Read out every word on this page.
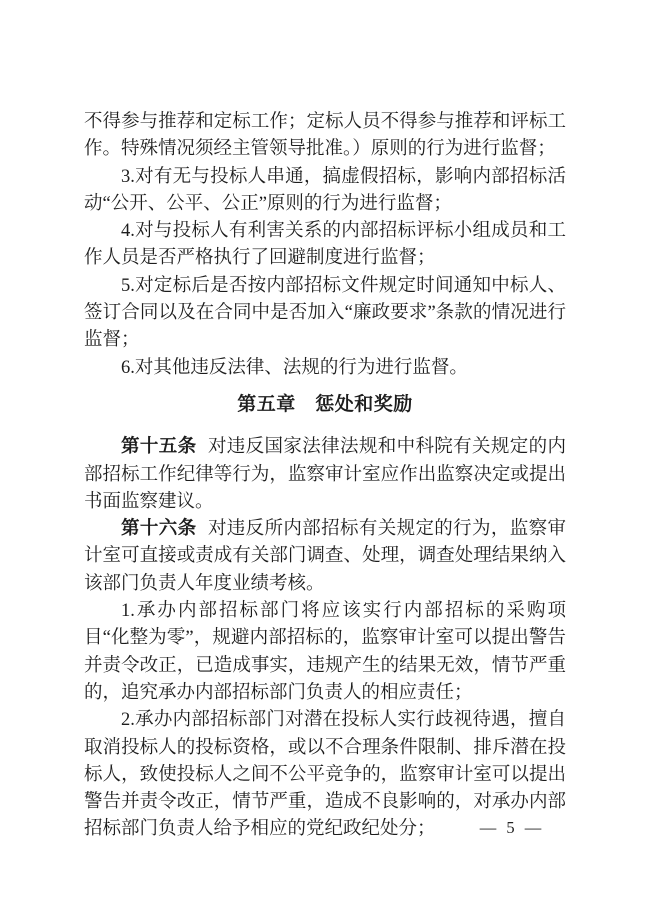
不得参与推荐和定标工作；定标人员不得参与推荐和评标工作。特殊情况须经主管领导批准。）原则的行为进行监督；

3.对有无与投标人串通，搞虚假招标，影响内部招标活动“公开、公平、公正”原则的行为进行监督；

4.对与投标人有利害关系的内部招标评标小组成员和工作人员是否严格执行了回避制度进行监督；

5.对定标后是否按内部招标文件规定时间通知中标人、签订合同以及在合同中是否加入“廉政要求”条款的情况进行监督；

6.对其他违反法律、法规的行为进行监督。

第五章　惩处和奖励

第十五条 对违反国家法律法规和中科院有关规定的内部招标工作纪律等行为，监察审计室应作出监察决定或提出书面监察建议。

第十六条 对违反所内部招标有关规定的行为，监察审计室可直接或责成有关部门调查、处理，调查处理结果纳入该部门负责人年度业绩考核。

1.承办内部招标部门将应该实行内部招标的采购项目“化整为零”，规避内部招标的，监察审计室可以提出警告并责令改正，已造成事实，违规产生的结果无效，情节严重的，追究承办内部招标部门负责人的相应责任；

2.承办内部招标部门对潜在投标人实行歧视待遇，擅自取消投标人的投标资格，或以不合理条件限制、排斥潜在投标人，致使投标人之间不公平竞争的，监察审计室可以提出警告并责令改正，情节严重，造成不良影响的，对承办内部招标部门负责人给予相应的党纪政纪处分；	— 5 —
